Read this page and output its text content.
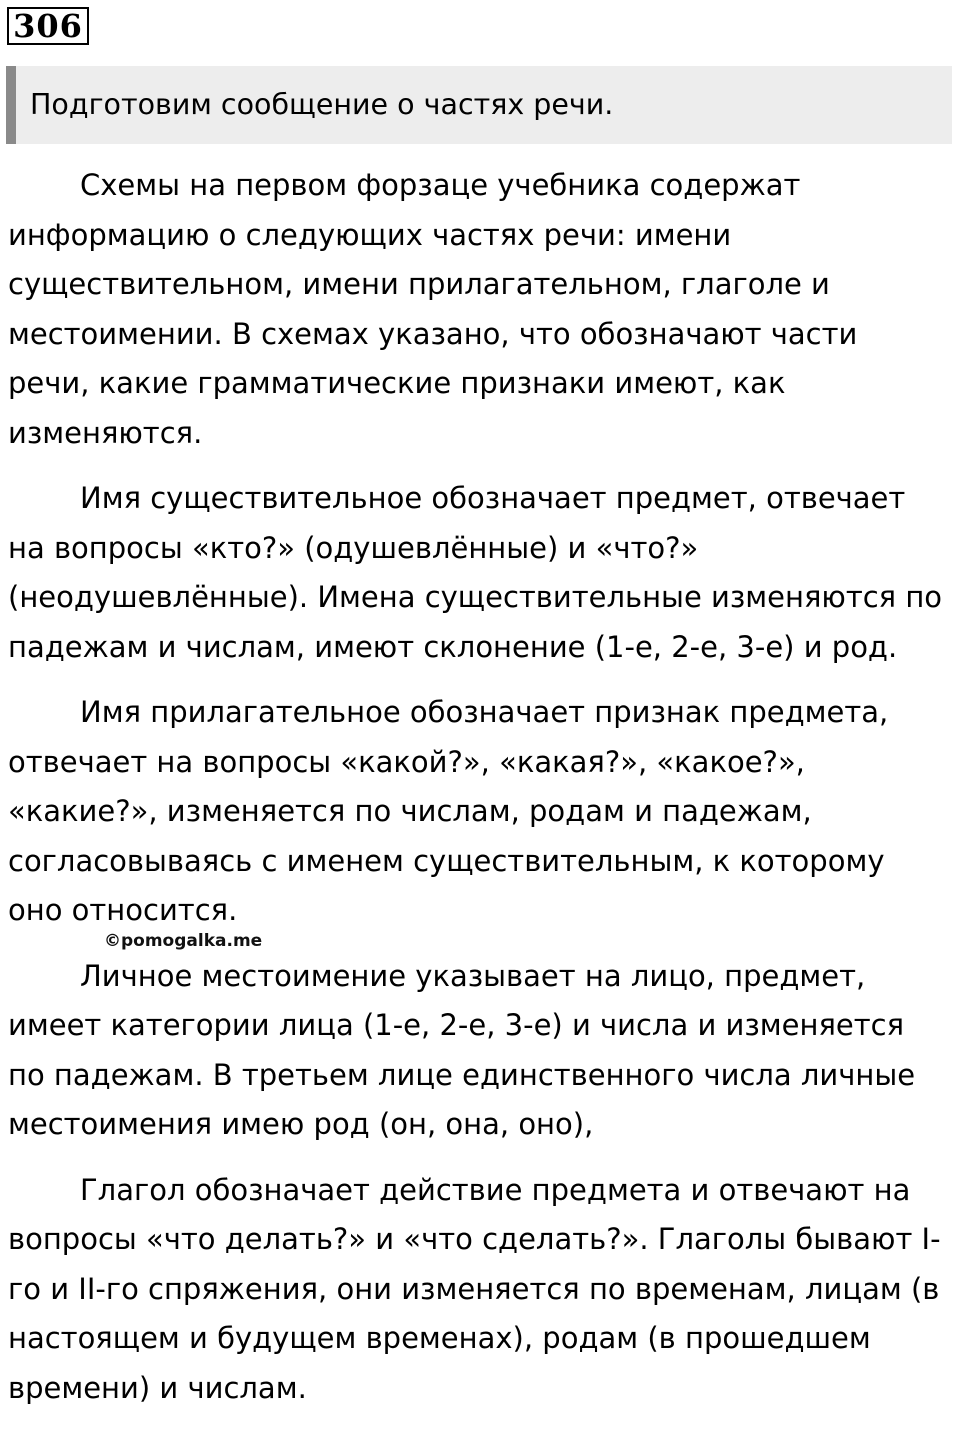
306
Подготовим сообщение о частях речи.

Схемы на первом форзаце учебника содержат информацию о следующих частях речи: имени существительном, имени прилагательном, глаголе и местоимении. В схемах указано, что обозначают части речи, какие грамматические признаки имеют, как изменяются.

Имя существительное обозначает предмет, отвечает на вопросы «кто?» (одушевлённые) и «что?» (неодушевлённые). Имена существительные изменяются по падежам и числам, имеют склонение (1-е, 2-е, 3-е) и род.

Имя прилагательное обозначает признак предмета, отвечает на вопросы «какой?», «какая?», «какое?», «какие?», изменяется по числам, родам и падежам, согласовываясь с именем существительным, к которому оно относится.

Личное местоимение указывает на лицо, предмет, имеет категории лица (1-е, 2-е, 3-е) и числа и изменяется по падежам. В третьем лице единственного числа личные местоимения имею род (он, она, оно),

Глагол обозначает действие предмета и отвечают на вопросы «что делать?» и «что сделать?». Глаголы бывают I-го и II-го спряжения, они изменяется по временам, лицам (в настоящем и будущем временах), родам (в прошедшем времени) и числам.

©pomogalka.me
